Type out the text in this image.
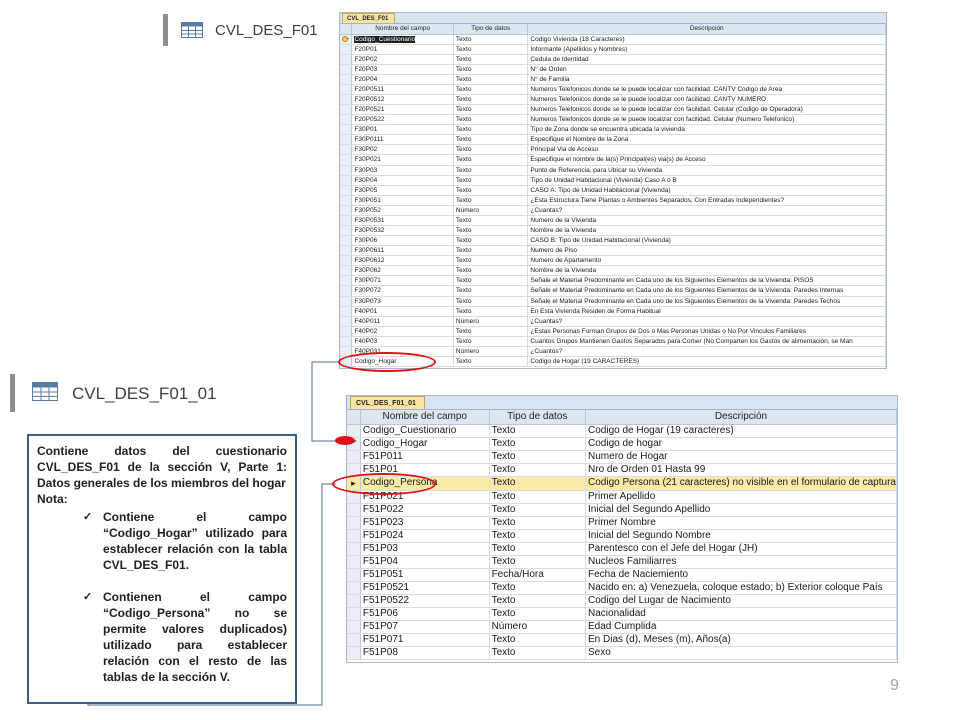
CVL_DES_F01
CVL_DES_F01_01
CVL_DES_F01
	Nombre del campo	Tipo de datos	Descripción
	Codigo_Cuestionario	Texto	Codigo Vivienda (18 Caracteres)
	F20P01	Texto	Informante (Apellidos y Nombres)
	F20P02	Texto	Cedula de Identidad
	F20P03	Texto	N° de Orden
	F20P04	Texto	N° de Familia
	F20P0511	Texto	Numeros Telefonicos donde se le puede localizar con facilidad. CANTV Codigo de Area
	F20P0512	Texto	Numeros Telefonicos donde se le puede localizar con facilidad. CANTV NUMERO
	F20P0521	Texto	Numeros Telefonicos donde se le puede localizar con facilidad. Celular (Codigo de Operadora)
	F20P0522	Texto	Numeros Telefonicos donde se le puede localizar con facilidad. Celular (Numero Telefonico)
	F30P01	Texto	Tipo de Zona donde se encuentra ubicada la vivienda
	F30P0111	Texto	Especifique el Nombre de la Zona
	F30P02	Texto	Principal Via de Acceso
	F30P021	Texto	Especifique el nombre de la(s) Principal(es) via(s) de Acceso
	F30P03	Texto	Punto de Referencia, para Ubicar su Vivienda
	F30P04	Texto	Tipo de Unidad Habitacional (Vivienda) Caso A o B
	F30P05	Texto	CASO A: Tipo de Unidad Habitacional (Vivienda)
	F30P051	Texto	¿Esta Estructura Tiene Plantas o Ambientes Separados, Con Entradas Independientes?
	F30P052	Número	¿Cuantas?
	F30P0531	Texto	Numero de la Vivienda
	F30P0532	Texto	Nombre de la Vivienda
	F30P06	Texto	CASO B: Tipo de Unidad Habitacional (Vivienda)
	F30P0611	Texto	Numero de Piso
	F30P0612	Texto	Numero de Apartamento
	F30P062	Texto	Nombre de la Vivienda
	F30P071	Texto	Señale el Material Predominante en Cada uno de los Siguientes Elementos de la Vivienda: PISOS
	F30P072	Texto	Señale el Material Predominante en Cada uno de los Siguientes Elementos de la Vivienda: Paredes Internas
	F30P073	Texto	Señale el Material Predominante en Cada uno de los Siguientes Elementos de la Vivienda: Paredes Techos
	F40P01	Texto	En Esta Vivienda Residen de Forma Habitual
	F40P011	Número	¿Cuantas?
	F40P02	Texto	¿Estas Personas Forman Grupos de Dos o Mas Personas Unidas o No Por Vinculos Familiares
	F40P03	Texto	Cuantos Grupos Mantienen Gastos Separados para Comer (No Comparten los Gastos de alimentación, se Man
	F40P031	Número	¿Cuantos?
	Codigo_Hogar	Texto	Codigo de Hogar (19 CARACTERES)
CVL_DES_F01_01
	Nombre del campo	Tipo de datos	Descripción
	Codigo_Cuestionario	Texto	Codigo de Hogar (19 caracteres)
	Codigo_Hogar	Texto	Codigo de hogar
	F51P011	Texto	Numero de Hogar
	F51P01	Texto	Nro de Orden 01 Hasta 99
▸	Codigo_Persona	Texto	Codigo Persona (21 caracteres) no visible en el formulario de captura
	F51P021	Texto	Primer Apellido
	F51P022	Texto	Inicial del Segundo Apellido
	F51P023	Texto	Primer Nombre
	F51P024	Texto	Inicial del Segundo Nombre
	F51P03	Texto	Parentesco con el Jefe del Hogar (JH)
	F51P04	Texto	Nucleos Familiarres
	F51P051	Fecha/Hora	Fecha de Naciemiento
	F51P0521	Texto	Nacido en: a) Venezuela, coloque estado; b) Exterior coloque País
	F51P0522	Texto	Codigo del Lugar de Nacimiento
	F51P06	Texto	Nacionalidad
	F51P07	Número	Edad Cumplida
	F51P071	Texto	En Dias (d), Meses (m), Años(a)
	F51P08	Texto	Sexo
Contiene datos del cuestionario CVL_DES_F01 de la sección V, Parte 1: Datos generales de los miembros del hogar
Nota:
✓ Contiene el campo “Codigo_Hogar” utilizado para establecer relación con la tabla CVL_DES_F01.
✓ Contienen el campo “Codigo_Persona” no se permite valores duplicados) utilizado para establecer relación con el resto de las tablas de la sección V.	9
